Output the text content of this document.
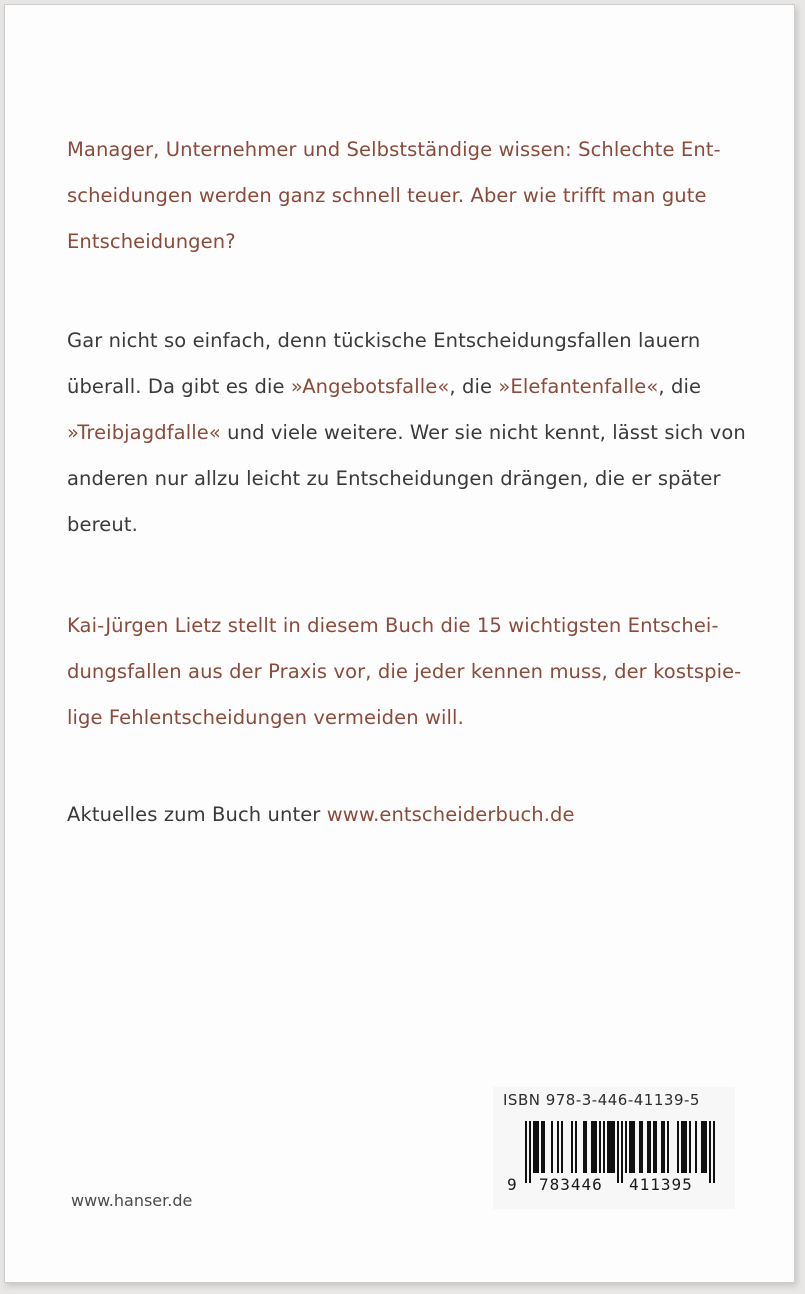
Manager, Unternehmer und Selbstständige wissen: Schlechte Ent-
scheidungen werden ganz schnell teuer. Aber wie trifft man gute
Entscheidungen?
Gar nicht so einfach, denn tückische Entscheidungsfallen lauern
überall. Da gibt es die »Angebotsfalle«, die »Elefantenfalle«, die
»Treibjagdfalle« und viele weitere. Wer sie nicht kennt, lässt sich von
anderen nur allzu leicht zu Entscheidungen drängen, die er später
bereut.
Kai-Jürgen Lietz stellt in diesem Buch die 15 wichtigsten Entschei-
dungsfallen aus der Praxis vor, die jeder kennen muss, der kostspie-
lige Fehlentscheidungen vermeiden will.
Aktuelles zum Buch unter www.entscheiderbuch.de
www.hanser.de
ISBN 978-3-446-41139-5
9 783446 411395
